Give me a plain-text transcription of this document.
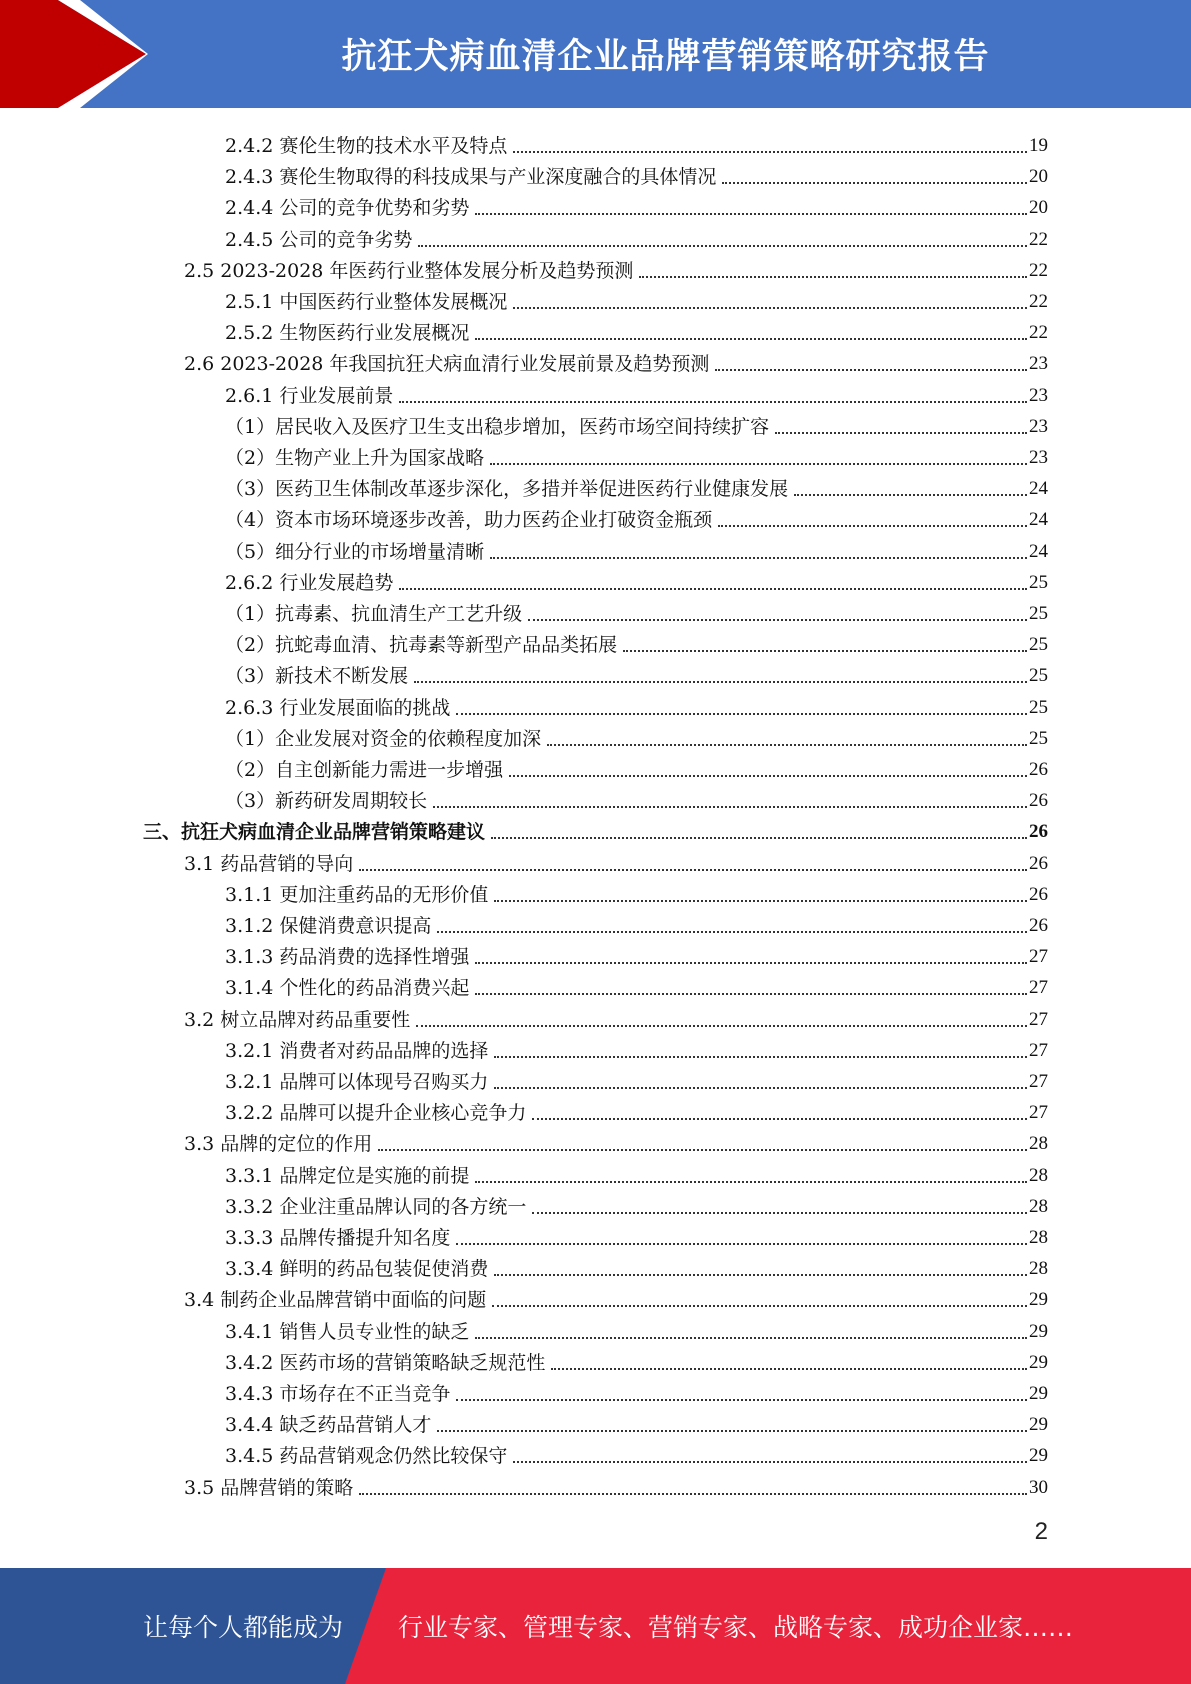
抗狂犬病血清企业品牌营销策略研究报告
2.4.2 赛伦生物的技术水平及特点	19
2.4.3 赛伦生物取得的科技成果与产业深度融合的具体情况	20
2.4.4 公司的竞争优势和劣势	20
2.4.5 公司的竞争劣势	22
2.5 2023-2028 年医药行业整体发展分析及趋势预测	22
2.5.1 中国医药行业整体发展概况	22
2.5.2 生物医药行业发展概况	22
2.6 2023-2028 年我国抗狂犬病血清行业发展前景及趋势预测	23
2.6.1 行业发展前景	23
（1）居民收入及医疗卫生支出稳步增加，医药市场空间持续扩容	23
（2）生物产业上升为国家战略	23
（3）医药卫生体制改革逐步深化，多措并举促进医药行业健康发展	24
（4）资本市场环境逐步改善，助力医药企业打破资金瓶颈	24
（5）细分行业的市场增量清晰	24
2.6.2 行业发展趋势	25
（1）抗毒素、抗血清生产工艺升级	25
（2）抗蛇毒血清、抗毒素等新型产品品类拓展	25
（3）新技术不断发展	25
2.6.3 行业发展面临的挑战	25
（1）企业发展对资金的依赖程度加深	25
（2）自主创新能力需进一步增强	26
（3）新药研发周期较长	26
三、抗狂犬病血清企业品牌营销策略建议	26
3.1 药品营销的导向	26
3.1.1 更加注重药品的无形价值	26
3.1.2 保健消费意识提高	26
3.1.3 药品消费的选择性增强	27
3.1.4 个性化的药品消费兴起	27
3.2 树立品牌对药品重要性	27
3.2.1 消费者对药品品牌的选择	27
3.2.1 品牌可以体现号召购买力	27
3.2.2 品牌可以提升企业核心竞争力	27
3.3 品牌的定位的作用	28
3.3.1 品牌定位是实施的前提	28
3.3.2 企业注重品牌认同的各方统一	28
3.3.3 品牌传播提升知名度	28
3.3.4 鲜明的药品包装促使消费	28
3.4 制药企业品牌营销中面临的问题	29
3.4.1 销售人员专业性的缺乏	29
3.4.2 医药市场的营销策略缺乏规范性	29
3.4.3 市场存在不正当竞争	29
3.4.4 缺乏药品营销人才	29
3.4.5 药品营销观念仍然比较保守	29
3.5 品牌营销的策略	30
2
让每个人都能成为 行业专家、管理专家、营销专家、战略专家、成功企业家……
